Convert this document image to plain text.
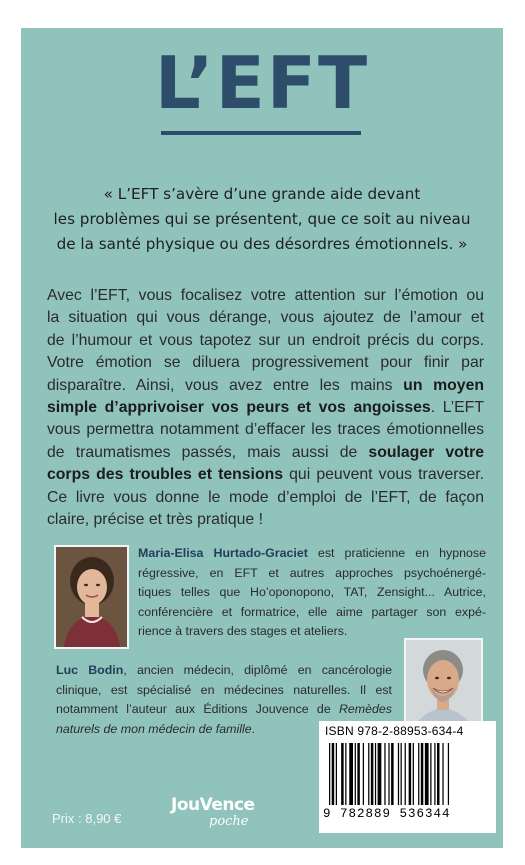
L’EFT
« L’EFT s’avère d’une grande aide devant
les problèmes qui se présentent, que ce soit au niveau
de la santé physique ou des désordres émotionnels. »
Avec l’EFT, vous focalisez votre attention sur l’émotion ou
la situation qui vous dérange, vous ajoutez de l’amour et
de l’humour et vous tapotez sur un endroit précis du corps.
Votre émotion se diluera progressivement pour finir par
disparaître. Ainsi, vous avez entre les mains un moyen
simple d’apprivoiser vos peurs et vos angoisses. L’EFT
vous permettra notamment d’effacer les traces émotionnelles
de traumatismes passés, mais aussi de soulager votre
corps des troubles et tensions qui peuvent vous traverser.
Ce livre vous donne le mode d’emploi de l’EFT, de façon
claire, précise et très pratique !
Maria-Elisa Hurtado-Graciet est praticienne en hypnose
régressive, en EFT et autres approches psychoénergé-
tiques telles que Ho’oponopono, TAT, Zensight... Autrice,
conférencière et formatrice, elle aime partager son expé-
rience à travers des stages et ateliers.
Luc Bodin, ancien médecin, diplômé en cancérologie
clinique, est spécialisé en médecines naturelles. Il est
notamment l’auteur aux Éditions Jouvence de Remèdes
naturels de mon médecin de famille.	ISBN 978-2-88953-634-4
9 782889 536344
Prix : 8,90 €
JouVence
poche
